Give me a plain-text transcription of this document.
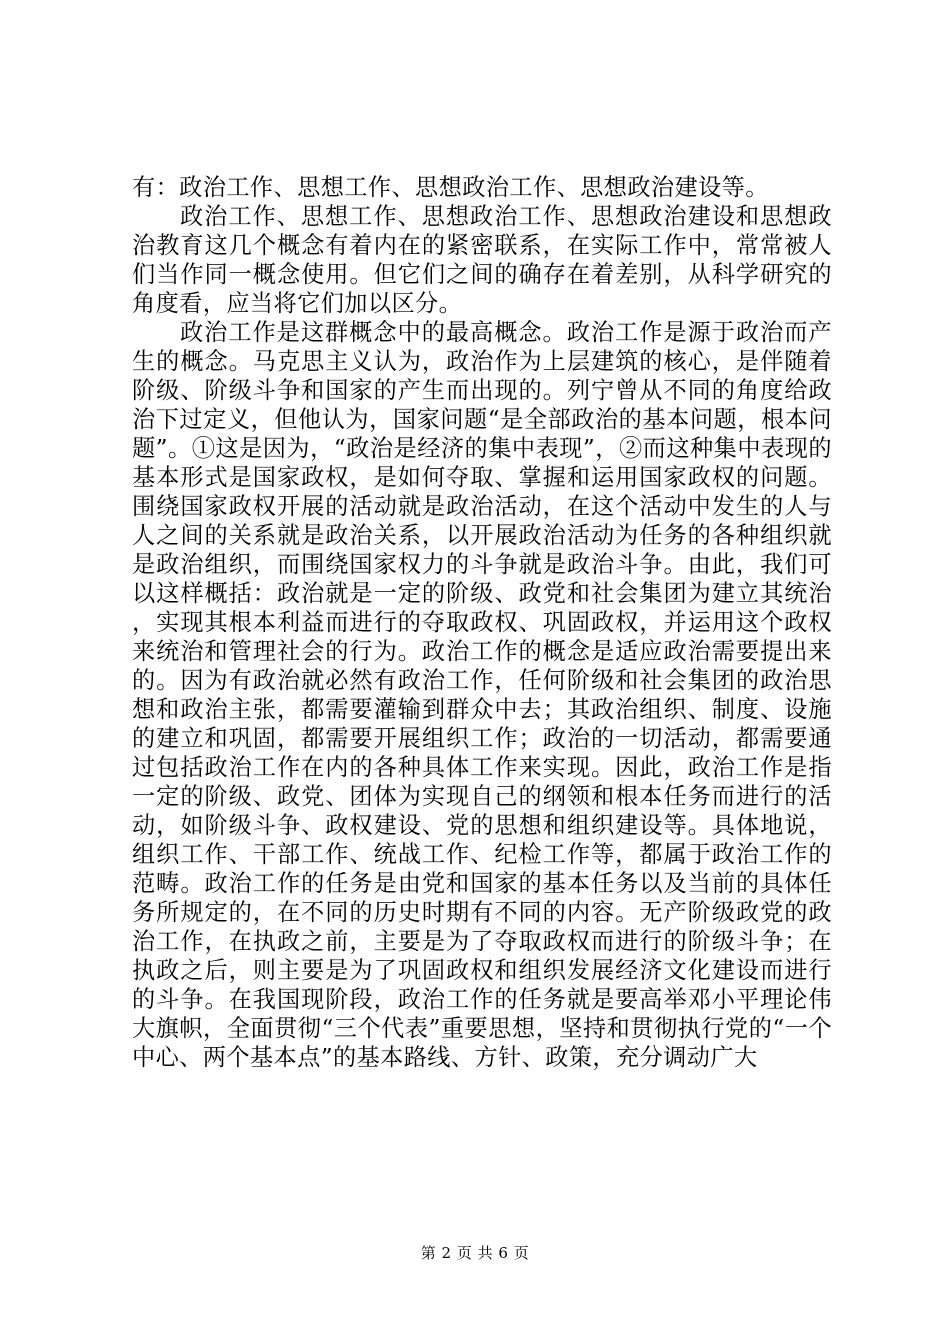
有：政治工作、思想工作、思想政治工作、思想政治建设等。

政治工作、思想工作、思想政治工作、思想政治建设和思想政治教育这几个概念有着内在的紧密联系，在实际工作中，常常被人们当作同一概念使用。但它们之间的确存在着差别，从科学研究的角度看，应当将它们加以区分。

政治工作是这群概念中的最高概念。政治工作是源于政治而产生的概念。马克思主义认为，政治作为上层建筑的核心，是伴随着阶级、阶级斗争和国家的产生而出现的。列宁曾从不同的角度给政治下过定义，但他认为，国家问题“是全部政治的基本问题，根本问题”。①这是因为，“政治是经济的集中表现”，②而这种集中表现的基本形式是国家政权，是如何夺取、掌握和运用国家政权的问题。围绕国家政权开展的活动就是政治活动，在这个活动中发生的人与人之间的关系就是政治关系，以开展政治活动为任务的各种组织就是政治组织，而围绕国家权力的斗争就是政治斗争。由此，我们可以这样概括：政治就是一定的阶级、政党和社会集团为建立其统治，实现其根本利益而进行的夺取政权、巩固政权，并运用这个政权来统治和管理社会的行为。政治工作的概念是适应政治需要提出来的。因为有政治就必然有政治工作，任何阶级和社会集团的政治思想和政治主张，都需要灌输到群众中去；其政治组织、制度、设施的建立和巩固，都需要开展组织工作；政治的一切活动，都需要通过包括政治工作在内的各种具体工作来实现。因此，政治工作是指一定的阶级、政党、团体为实现自己的纲领和根本任务而进行的活动，如阶级斗争、政权建设、党的思想和组织建设等。具体地说，组织工作、干部工作、统战工作、纪检工作等，都属于政治工作的范畴。政治工作的任务是由党和国家的基本任务以及当前的具体任务所规定的，在不同的历史时期有不同的内容。无产阶级政党的政治工作，在执政之前，主要是为了夺取政权而进行的阶级斗争；在执政之后，则主要是为了巩固政权和组织发展经济文化建设而进行的斗争。在我国现阶段，政治工作的任务就是要高举邓小平理论伟大旗帜，全面贯彻“三个代表”重要思想，坚持和贯彻执行党的“一个中心、两个基本点”的基本路线、方针、政策，充分调动广大

第 2 页 共 6 页
